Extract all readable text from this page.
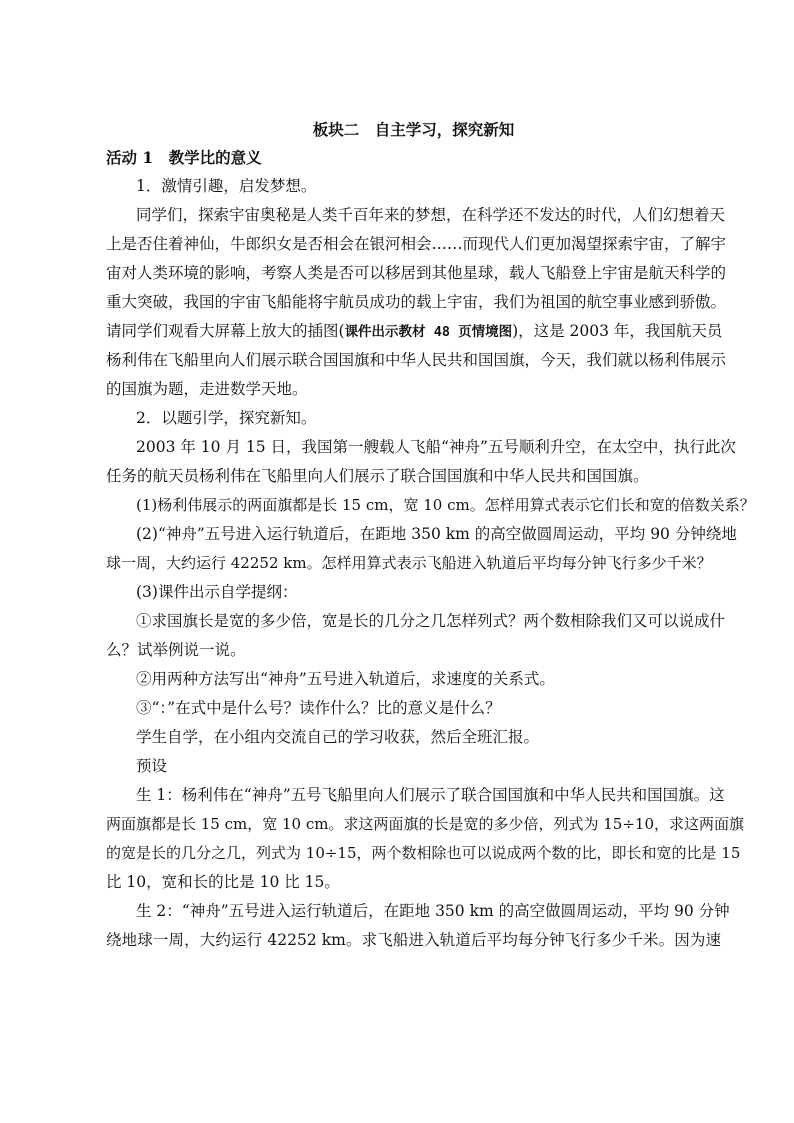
板块二　自主学习，探究新知
活动 1　教学比的意义
1．激情引趣，启发梦想。
同学们，探索宇宙奥秘是人类千百年来的梦想，在科学还不发达的时代，人们幻想着天
上是否住着神仙，牛郎织女是否相会在银河相会……而现代人们更加渴望探索宇宙，了解宇
宙对人类环境的影响，考察人类是否可以移居到其他星球，载人飞船登上宇宙是航天科学的
重大突破，我国的宇宙飞船能将宇航员成功的载上宇宙，我们为祖国的航空事业感到骄傲。
请同学们观看大屏幕上放大的插图(课件出示教材 48 页情境图)，这是 2003 年，我国航天员
杨利伟在飞船里向人们展示联合国国旗和中华人民共和国国旗，今天，我们就以杨利伟展示
的国旗为题，走进数学天地。
2．以题引学，探究新知。
2003 年 10 月 15 日，我国第一艘载人飞船“神舟”五号顺利升空，在太空中，执行此次
任务的航天员杨利伟在飞船里向人们展示了联合国国旗和中华人民共和国国旗。
(1)杨利伟展示的两面旗都是长 15 cm，宽 10 cm。怎样用算式表示它们长和宽的倍数关系？
(2)“神舟”五号进入运行轨道后，在距地 350 km 的高空做圆周运动，平均 90 分钟绕地
球一周，大约运行 42252 km。怎样用算式表示飞船进入轨道后平均每分钟飞行多少千米？
(3)课件出示自学提纲：
①求国旗长是宽的多少倍，宽是长的几分之几怎样列式？两个数相除我们又可以说成什
么？试举例说一说。
②用两种方法写出“神舟”五号进入轨道后，求速度的关系式。
③“：”在式中是什么号？读作什么？比的意义是什么？
学生自学，在小组内交流自己的学习收获，然后全班汇报。
预设
生 1：杨利伟在“神舟”五号飞船里向人们展示了联合国国旗和中华人民共和国国旗。这
两面旗都是长 15 cm，宽 10 cm。求这两面旗的长是宽的多少倍，列式为 15÷10，求这两面旗
的宽是长的几分之几，列式为 10÷15，两个数相除也可以说成两个数的比，即长和宽的比是 15
比 10，宽和长的比是 10 比 15。
生 2：“神舟”五号进入运行轨道后，在距地 350 km 的高空做圆周运动，平均 90 分钟
绕地球一周，大约运行 42252 km。求飞船进入轨道后平均每分钟飞行多少千米。因为速
